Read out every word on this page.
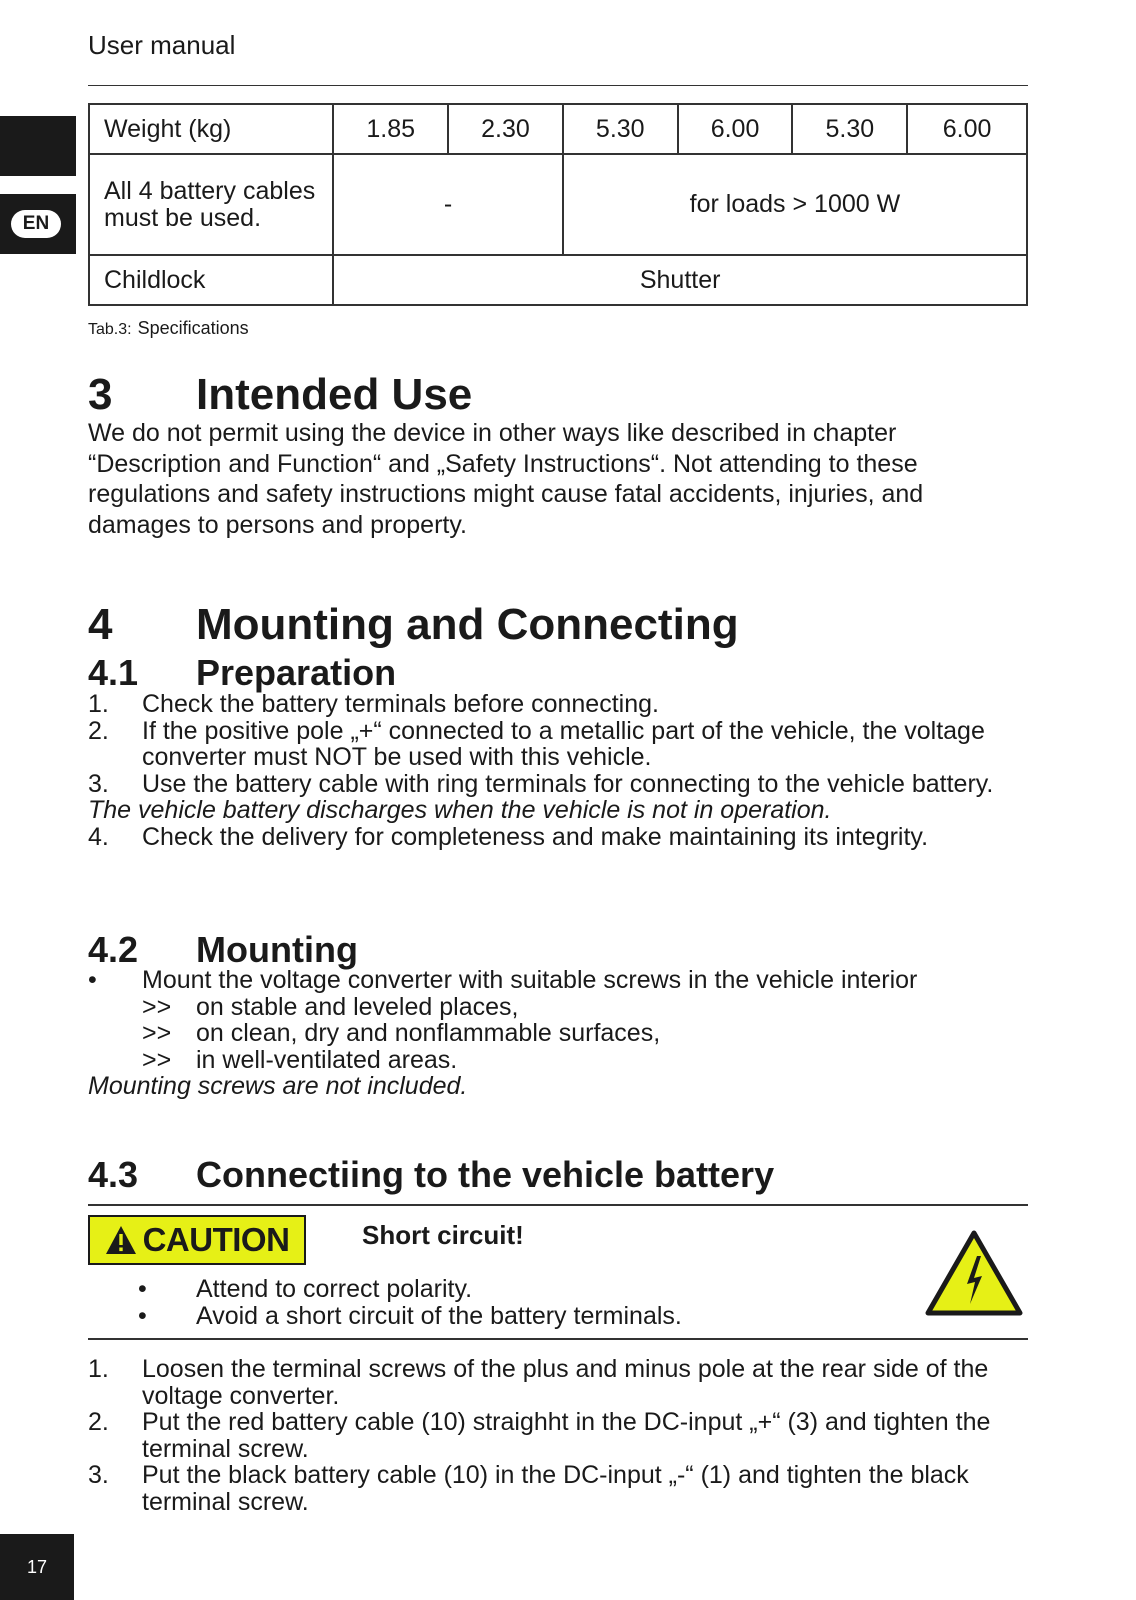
User manual
EN
Weight (kg)	1.85	2.30	5.30	6.00	5.30	6.00
All 4 battery cables must be used.	-		for loads > 1000 W			
Childlock	Shutter					
Tab.3: Specifications
3	Intended Use
We do not permit using the device in other ways like described in chapter “Description and Function“ and „Safety Instructions“. Not attending to these regulations and safety instructions might cause fatal accidents, injuries, and damages to persons and property.
4	Mounting and Connecting
4.1	Preparation
1.	Check the battery terminals before connecting.
2.	If the positive pole „+“ connected to a metallic part of the vehicle, the voltage converter must NOT be used with this vehicle.
3.	Use the battery cable with ring terminals for connecting to the vehicle battery.
The vehicle battery discharges when the vehicle is not in operation.
4.	Check the delivery for completeness and make maintaining its integrity.
4.2	Mounting
•	Mount the voltage converter with suitable screws in the vehicle interior
>> on stable and leveled places,
>> on clean, dry and nonflammable surfaces,
>> in well-ventilated areas.
Mounting screws are not included.
4.3	Connectiing to the vehicle battery
CAUTION	Short circuit!
•	Attend to correct polarity.
•	Avoid a short circuit of the battery terminals.
1.	Loosen the terminal screws of the plus and minus pole at the rear side of the voltage converter.
2.	Put the red battery cable (10) straighht in the DC-input „+“ (3) and tighten the terminal screw.
3.	Put the black battery cable (10) in the DC-input „-“ (1) and tighten the black terminal screw.
17
